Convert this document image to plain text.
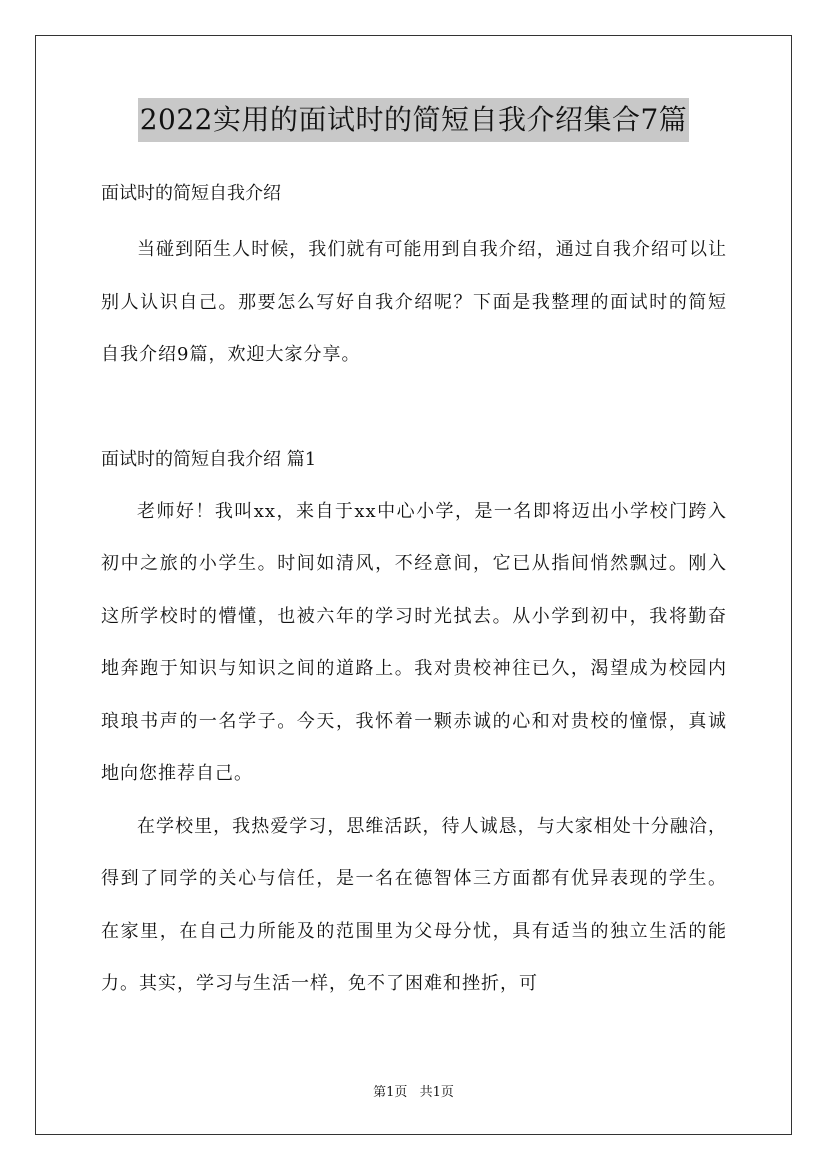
2022实用的面试时的简短自我介绍集合7篇

面试时的简短自我介绍

当碰到陌生人时候，我们就有可能用到自我介绍，通过自我介绍可以让别人认识自己。那要怎么写好自我介绍呢？下面是我整理的面试时的简短自我介绍9篇，欢迎大家分享。

面试时的简短自我介绍 篇1

老师好！我叫xx，来自于xx中心小学，是一名即将迈出小学校门跨入初中之旅的小学生。时间如清风，不经意间，它已从指间悄然飘过。刚入这所学校时的懵懂，也被六年的学习时光拭去。从小学到初中，我将勤奋地奔跑于知识与知识之间的道路上。我对贵校神往已久，渴望成为校园内琅琅书声的一名学子。今天，我怀着一颗赤诚的心和对贵校的憧憬，真诚地向您推荐自己。

在学校里，我热爱学习，思维活跃，待人诚恳，与大家相处十分融洽，得到了同学的关心与信任，是一名在德智体三方面都有优异表现的学生。在家里，在自己力所能及的范围里为父母分忧，具有适当的独立生活的能力。其实，学习与生活一样，免不了困难和挫折，可

第1页 共1页
